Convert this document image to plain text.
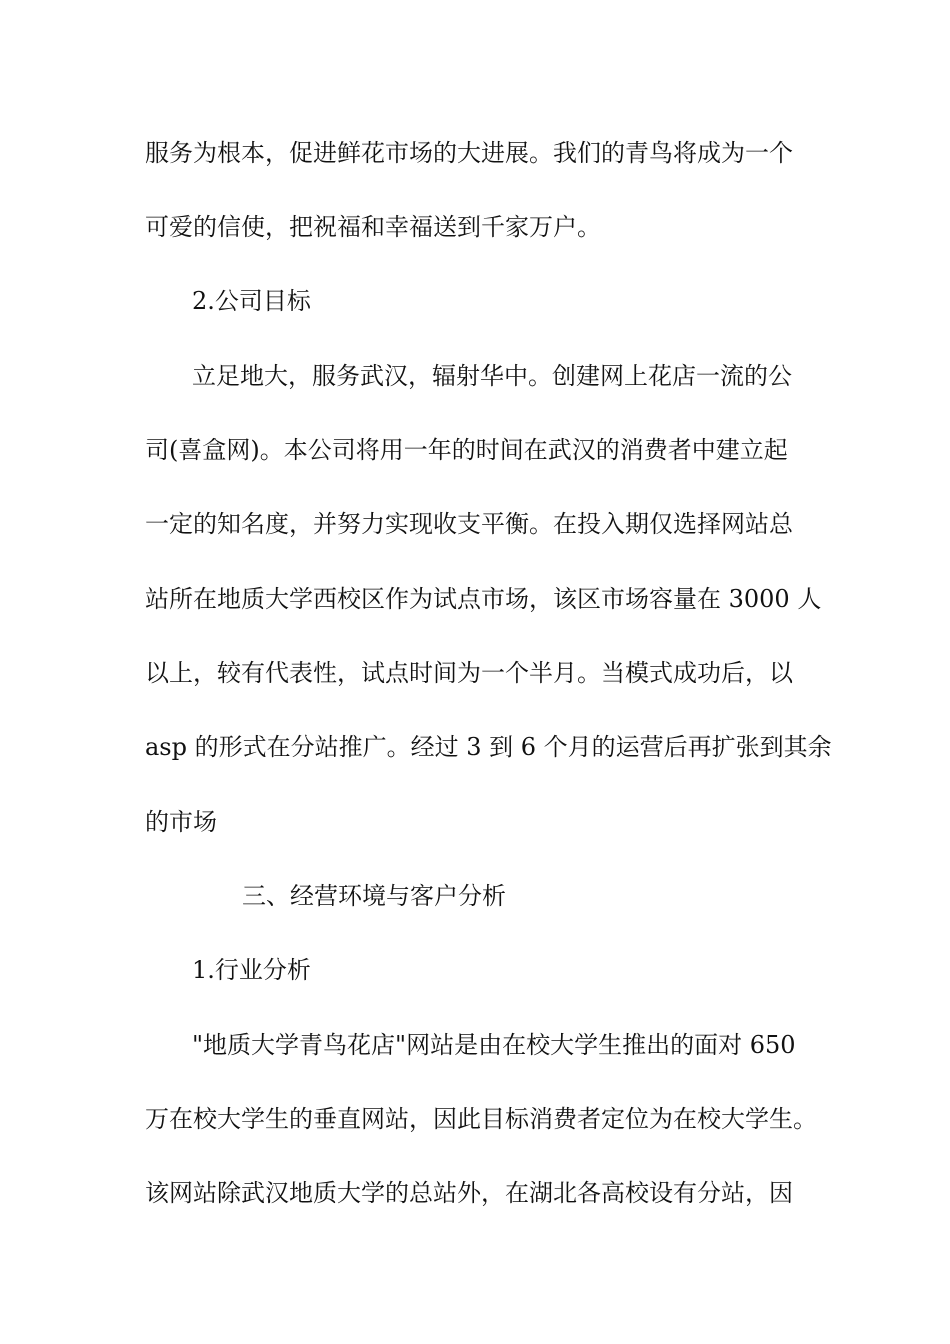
服务为根本，促进鲜花市场的大进展。我们的青鸟将成为一个
可爱的信使，把祝福和幸福送到千家万户。
2.公司目标
立足地大，服务武汉，辐射华中。创建网上花店一流的公
司(喜盒网)。本公司将用一年的时间在武汉的消费者中建立起
一定的知名度，并努力实现收支平衡。在投入期仅选择网站总
站所在地质大学西校区作为试点市场，该区市场容量在 3000 人
以上，较有代表性，试点时间为一个半月。当模式成功后，以
asp 的形式在分站推广。经过 3 到 6 个月的运营后再扩张到其余
的市场
三、经营环境与客户分析
1.行业分析
"地质大学青鸟花店"网站是由在校大学生推出的面对 650
万在校大学生的垂直网站，因此目标消费者定位为在校大学生。
该网站除武汉地质大学的总站外，在湖北各高校设有分站，因
